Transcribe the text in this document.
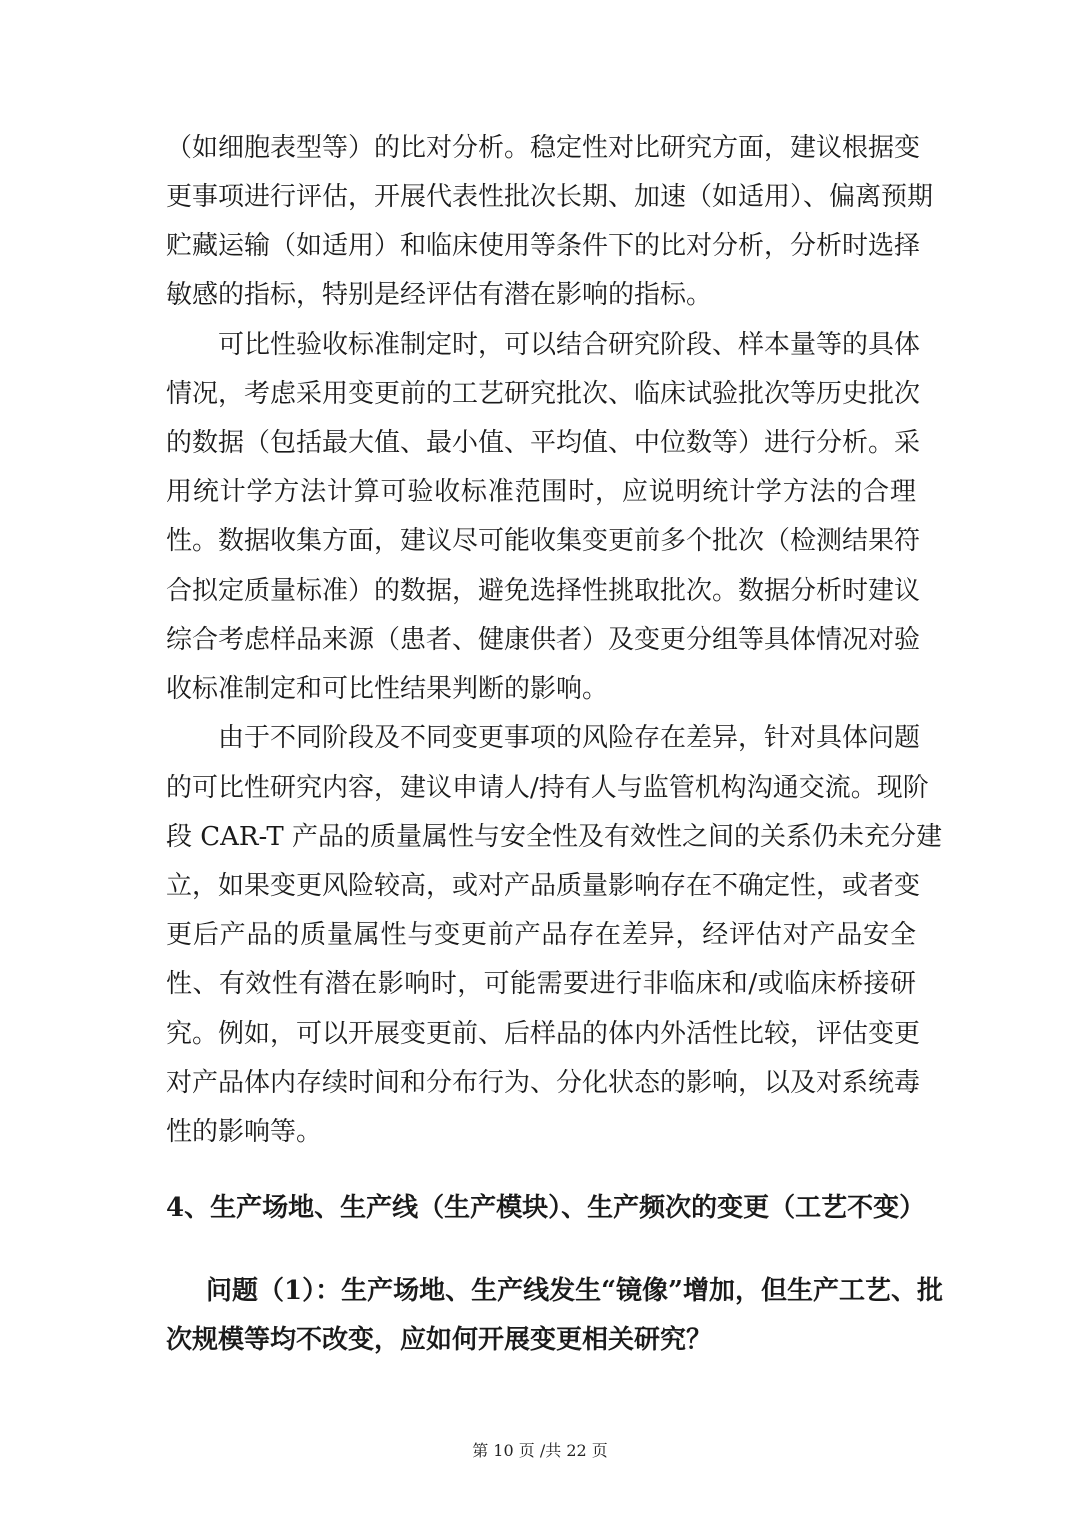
（如细胞表型等）的比对分析。稳定性对比研究方面，建议根据变
更事项进行评估，开展代表性批次长期、加速（如适用）、偏离预期
贮藏运输（如适用）和临床使用等条件下的比对分析，分析时选择
敏感的指标，特别是经评估有潜在影响的指标。
可比性验收标准制定时，可以结合研究阶段、样本量等的具体
情况，考虑采用变更前的工艺研究批次、临床试验批次等历史批次
的数据（包括最大值、最小值、平均值、中位数等）进行分析。采
用统计学方法计算可验收标准范围时，应说明统计学方法的合理
性。数据收集方面，建议尽可能收集变更前多个批次（检测结果符
合拟定质量标准）的数据，避免选择性挑取批次。数据分析时建议
综合考虑样品来源（患者、健康供者）及变更分组等具体情况对验
收标准制定和可比性结果判断的影响。
由于不同阶段及不同变更事项的风险存在差异，针对具体问题
的可比性研究内容，建议申请人/持有人与监管机构沟通交流。现阶
段 CAR-T 产品的质量属性与安全性及有效性之间的关系仍未充分建
立，如果变更风险较高，或对产品质量影响存在不确定性，或者变
更后产品的质量属性与变更前产品存在差异，经评估对产品安全
性、有效性有潜在影响时，可能需要进行非临床和/或临床桥接研
究。例如，可以开展变更前、后样品的体内外活性比较，评估变更
对产品体内存续时间和分布行为、分化状态的影响，以及对系统毒
性的影响等。
4、生产场地、生产线（生产模块）、生产频次的变更（工艺不变）
问题（1）：生产场地、生产线发生“镜像”增加，但生产工艺、批
次规模等均不改变，应如何开展变更相关研究？
第 10 页 /共 22 页
